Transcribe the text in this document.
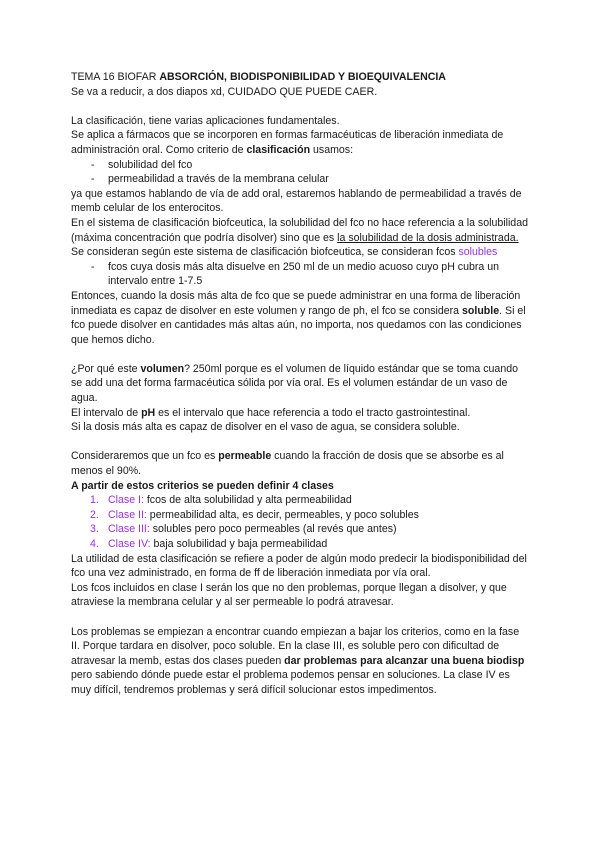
TEMA 16 BIOFAR ABSORCIÓN, BIODISPONIBILIDAD Y BIOEQUIVALENCIA

Se va a reducir, a dos diapos xd, CUIDADO QUE PUEDE CAER.

La clasificación, tiene varias aplicaciones fundamentales.

Se aplica a fármacos que se incorporen en formas farmacéuticas de liberación inmediata de administración oral. Como criterio de clasificación usamos:

- solubilidad del fco
- permeabilidad a través de la membrana celular

ya que estamos hablando de vía de add oral, estaremos hablando de permeabilidad a través de memb celular de los enterocitos.

En el sistema de clasificación biofceutica, la solubilidad del fco no hace referencia a la solubilidad (máxima concentración que podría disolver) sino que es la solubilidad de la dosis administrada.

Se consideran según este sistema de clasificación biofceutica, se consideran fcos solubles

- fcos cuya dosis más alta disuelve en 250 ml de un medio acuoso cuyo pH cubra un intervalo entre 1-7.5

Entonces, cuando la dosis más alta de fco que se puede administrar en una forma de liberación inmediata es capaz de disolver en este volumen y rango de ph, el fco se considera soluble. Si el fco puede disolver en cantidades más altas aún, no importa, nos quedamos con las condiciones que hemos dicho.

¿Por qué este volumen? 250ml porque es el volumen de líquido estándar que se toma cuando se add una det forma farmacéutica sólida por vía oral. Es el volumen estándar de un vaso de agua.

El intervalo de pH es el intervalo que hace referencia a todo el tracto gastrointestinal.

Si la dosis más alta es capaz de disolver en el vaso de agua, se considera soluble.

Consideraremos que un fco es permeable cuando la fracción de dosis que se absorbe es al menos el 90%.

A partir de estos criterios se pueden definir 4 clases

1. Clase I: fcos de alta solubilidad y alta permeabilidad
2. Clase II: permeabilidad alta, es decir, permeables, y poco solubles
3. Clase III: solubles pero poco permeables (al revés que antes)
4. Clase IV: baja solubilidad y baja permeabilidad

La utilidad de esta clasificación se refiere a poder de algún modo predecir la biodisponibilidad del fco una vez administrado, en forma de ff de liberación inmediata por vía oral.

Los fcos incluidos en clase I serán los que no den problemas, porque llegan a disolver, y que atraviese la membrana celular y al ser permeable lo podrá atravesar.

Los problemas se empiezan a encontrar cuando empiezan a bajar los criterios, como en la fase II. Porque tardara en disolver, poco soluble. En la clase III, es soluble pero con dificultad de atravesar la memb, estas dos clases pueden dar problemas para alcanzar una buena biodisp pero sabiendo dónde puede estar el problema podemos pensar en soluciones. La clase IV es muy difícil, tendremos problemas y será difícil solucionar estos impedimentos.
